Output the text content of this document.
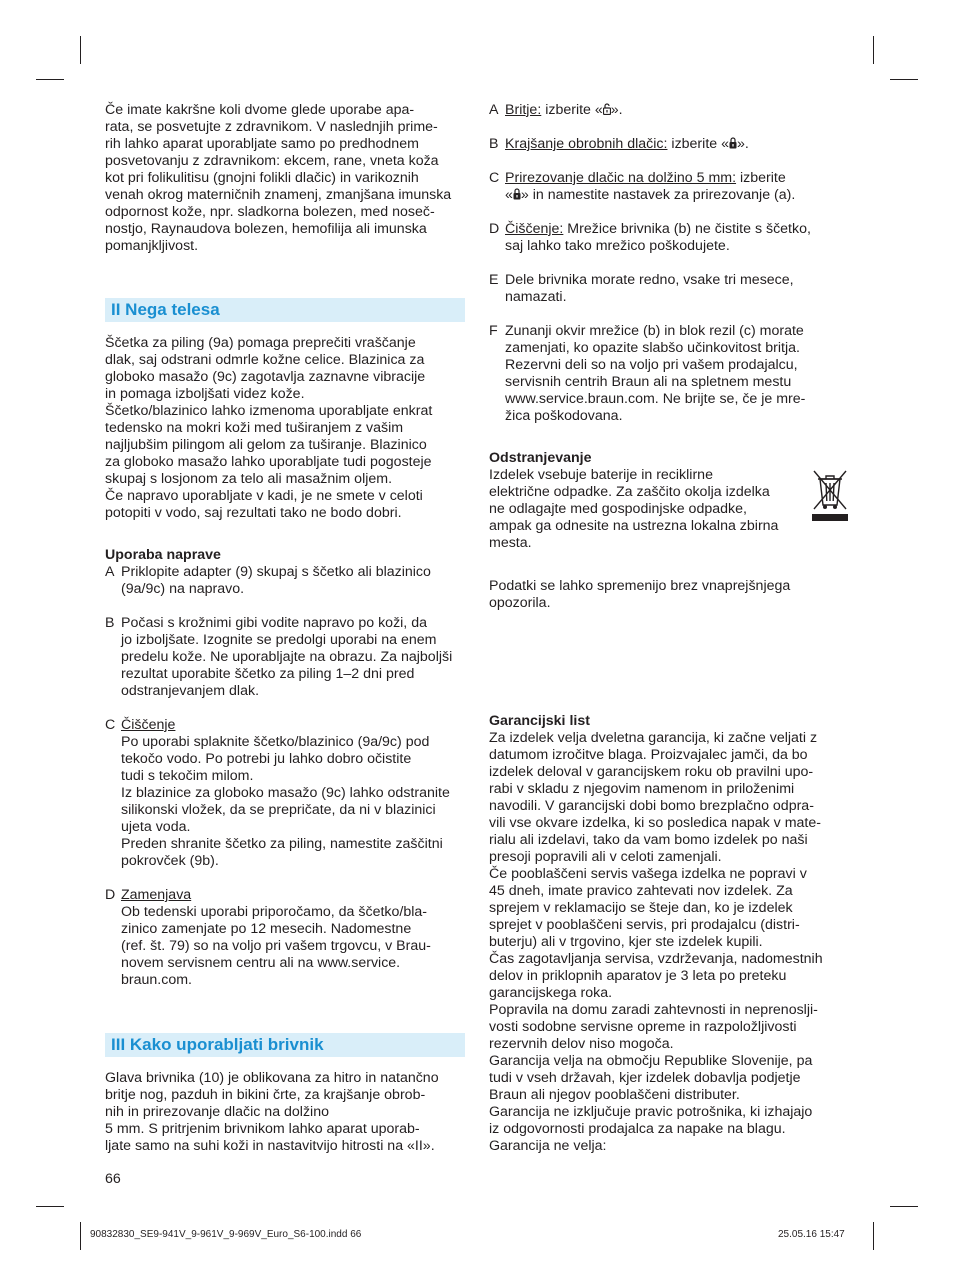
Če imate kakršne koli dvome glede uporabe apa-

rata, se posvetujte z zdravnikom. V naslednjih prime-

rih lahko aparat uporabljate samo po predhodnem

posvetovanju z zdravnikom: ekcem, rane, vneta koža

kot pri folikulitisu (gnojni folikli dlačic) in varikoznih

venah okrog materničnih znamenj, zmanjšana imunska

odpornost kože, npr. sladkorna bolezen, med noseč-

nostjo, Raynaudova bolezen, hemofilija ali imunska

pomanjkljivost.

II Nega telesa

Ščetka za piling (9a) pomaga preprečiti vraščanje

dlak, saj odstrani odmrle kožne celice. Blazinica za

globoko masažo (9c) zagotavlja zaznavne vibracije

in pomaga izboljšati videz kože.

Ščetko/blazinico lahko izmenoma uporabljate enkrat

tedensko na mokri koži med tuširanjem z vašim

najljubšim pilingom ali gelom za tuširanje. Blazinico

za globoko masažo lahko uporabljate tudi pogosteje

skupaj s losjonom za telo ali masažnim oljem.

Če napravo uporabljate v kadi, je ne smete v celoti

potopiti v vodo, saj rezultati tako ne bodo dobri.

Uporaba naprave

A Priklopite adapter (9) skupaj s ščetko ali blazinico

(9a/9c) na napravo.

B Počasi s krožnimi gibi vodite napravo po koži, da

jo izboljšate. Izognite se predolgi uporabi na enem

predelu kože. Ne uporabljajte na obrazu. Za najboljši

rezultat uporabite ščetko za piling 1–2 dni pred

odstranjevanjem dlak.

C Čiščenje

Po uporabi splaknite ščetko/blazinico (9a/9c) pod

tekočo vodo. Po potrebi ju lahko dobro očistite

tudi s tekočim milom.

Iz blazinice za globoko masažo (9c) lahko odstranite

silikonski vložek, da se prepričate, da ni v blazinici

ujeta voda.

Preden shranite ščetko za piling, namestite zaščitni

pokrovček (9b).

D Zamenjava

Ob tedenski uporabi priporočamo, da ščetko/bla-

zinico zamenjate po 12 mesecih. Nadomestne

(ref. št. 79) so na voljo pri vašem trgovcu, v Brau-

novem servisnem centru ali na www.service.

braun.com.

III Kako uporabljati brivnik

Glava brivnika (10) je oblikovana za hitro in natančno

britje nog, pazduh in bikini črte, za krajšanje obrob-

nih in prirezovanje dlačic na dolžino

5 mm. S pritrjenim brivnikom lahko aparat uporab-

ljate samo na suhi koži in nastavitvijo hitrosti na «II».

66
A Britje: izberite « ».
B Krajšanje obrobnih dlačic: izberite « ».
C Prirezovanje dlačic na dolžino 5 mm: izberite

« » in namestite nastavek za prirezovanje (a).

D Čiščenje: Mrežice brivnika (b) ne čistite s ščetko,

saj lahko tako mrežico poškodujete.

E Dele brivnika morate redno, vsake tri mesece,

namazati.

F Zunanji okvir mrežice (b) in blok rezil (c) morate

zamenjati, ko opazite slabšo učinkovitost britja.

Rezervni deli so na voljo pri vašem prodajalcu,

servisnih centrih Braun ali na spletnem mestu

www.service.braun.com. Ne brijte se, če je mre-

žica poškodovana.

Odstranjevanje

Izdelek vsebuje baterije in reciklirne

električne odpadke. Za zaščito okolja izdelka

ne odlagajte med gospodinjske odpadke,

ampak ga odnesite na ustrezna lokalna zbirna

mesta.

Podatki se lahko spremenijo brez vnaprejšnjega

opozorila.

Garancijski list

Za izdelek velja dveletna garancija, ki začne veljati z

datumom izročitve blaga. Proizvajalec jamči, da bo

izdelek deloval v garancijskem roku ob pravilni upo-

rabi v skladu z njegovim namenom in priloženimi

navodili. V garancijski dobi bomo brezplačno odpra-

vili vse okvare izdelka, ki so posledica napak v mate-

rialu ali izdelavi, tako da vam bomo izdelek po naši

presoji popravili ali v celoti zamenjali.

Če pooblaščeni servis vašega izdelka ne popravi v

45 dneh, imate pravico zahtevati nov izdelek. Za

sprejem v reklamacijo se šteje dan, ko je izdelek

sprejet v pooblaščeni servis, pri prodajalcu (distri-

buterju) ali v trgovino, kjer ste izdelek kupili.

Čas zagotavljanja servisa, vzdrževanja, nadomestnih

delov in priklopnih aparatov je 3 leta po preteku

garancijskega roka.

Popravila na domu zaradi zahtevnosti in neprenoslji-

vosti sodobne servisne opreme in razpoložljivosti

rezervnih delov niso mogoča.

Garancija velja na območju Republike Slovenije, pa

tudi v vseh državah, kjer izdelek dobavlja podjetje

Braun ali njegov pooblaščeni distributer.

Garancija ne izključuje pravic potrošnika, ki izhajajo

iz odgovornosti prodajalca za napake na blagu.

Garancija ne velja:

90832830_SE9-941V_9-961V_9-969V_Euro_S6-100.indd 66	25.05.16 15:47
